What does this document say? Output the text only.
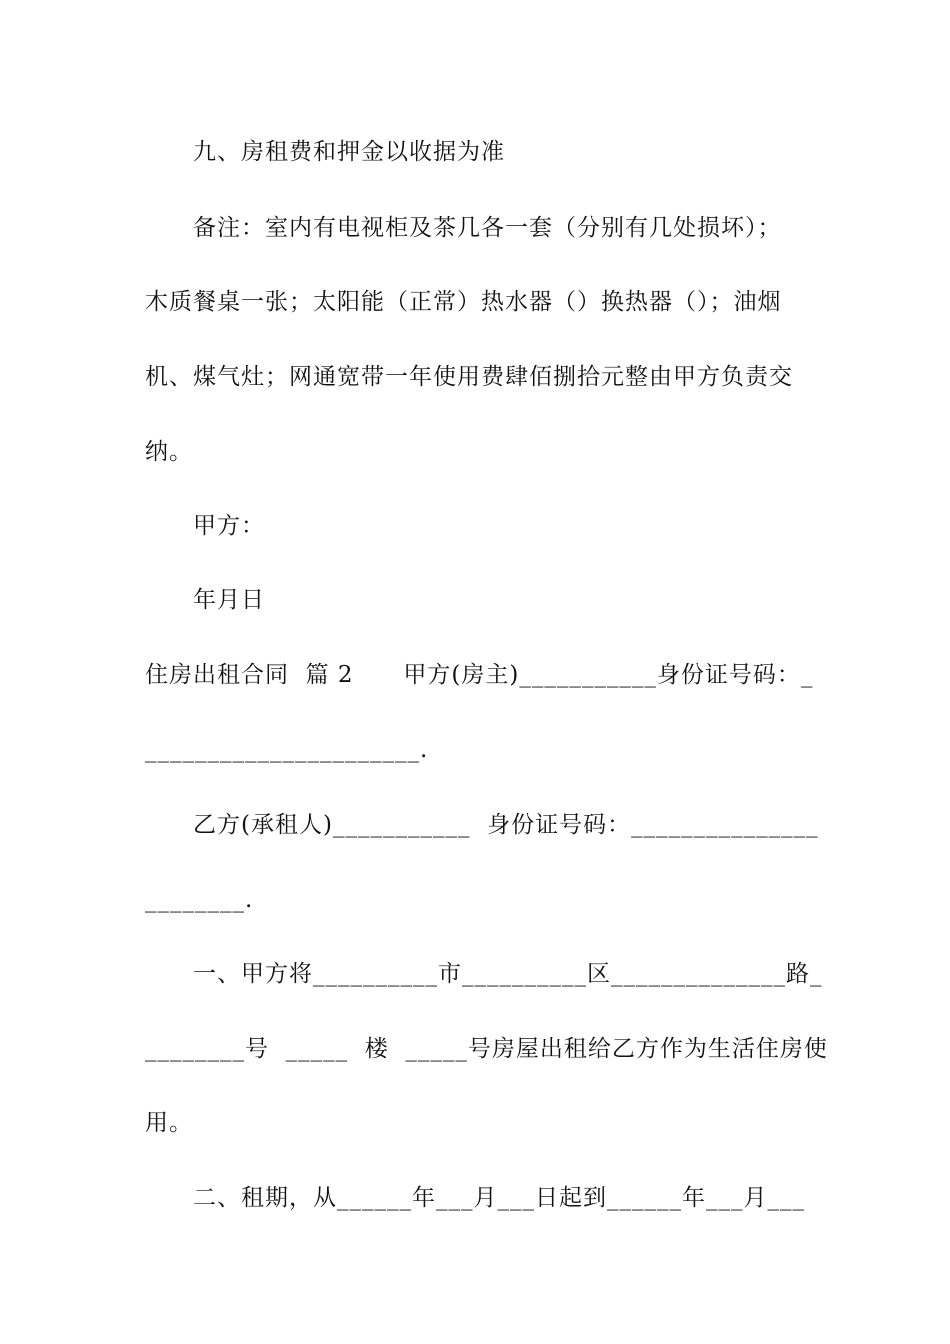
九、房租费和押金以收据为准
备注：室内有电视柜及茶几各一套（分别有几处损坏）；
木质餐桌一张；太阳能（正常）热水器（）换热器（）；油烟
机、煤气灶；网通宽带一年使用费肆佰捌拾元整由甲方负责交
纳。
甲方：
年月日
住房出租合同  篇 2      甲方(房主)___________身份证号码：_
______________________.
乙方(承租人)___________  身份证号码：_______________
________.
一、甲方将__________市__________区______________路_
________号  _____  楼  _____号房屋出租给乙方作为生活住房使
用。
二、租期，从______年___月___日起到______年___月___
